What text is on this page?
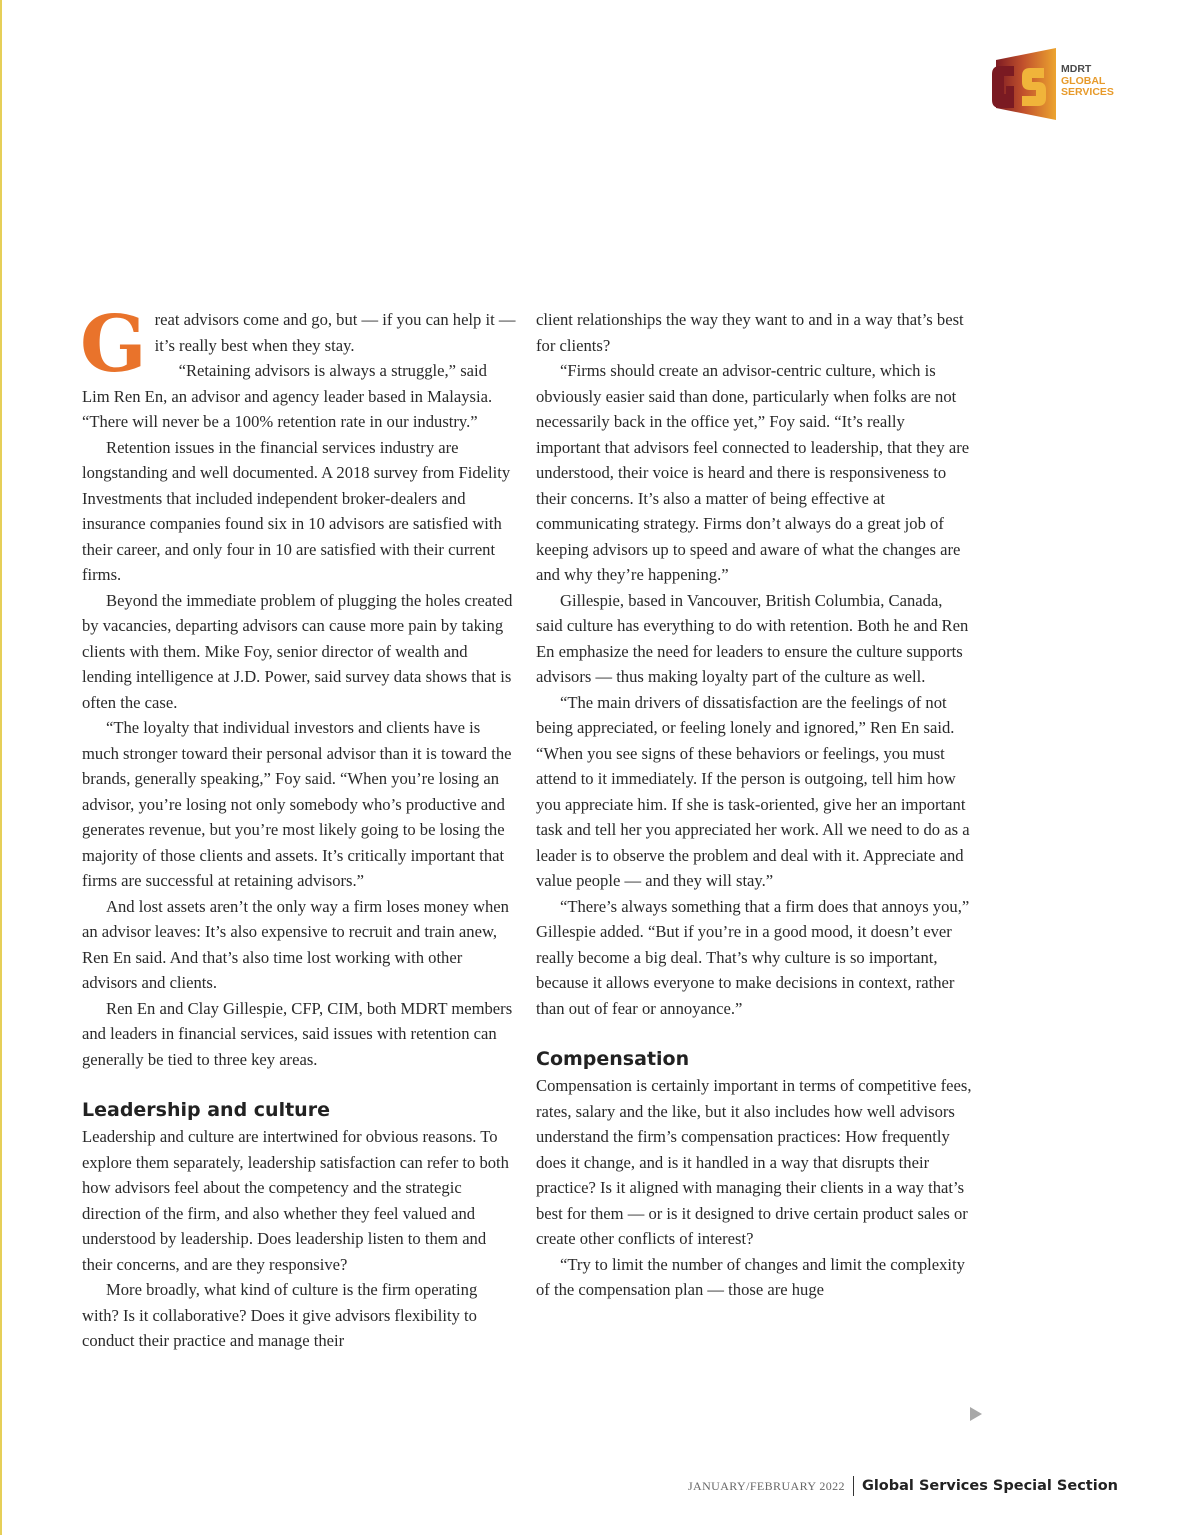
MDRT
GLOBAL
SERVICES

Great advisors come and go, but — if you can help it — it’s really best when they stay.

“Retaining advisors is always a struggle,” said Lim Ren En, an advisor and agency leader based in Malaysia. “There will never be a 100% retention rate in our industry.”

Retention issues in the financial services industry are longstanding and well documented. A 2018 survey from Fidelity Investments that included independent broker-dealers and insurance companies found six in 10 advisors are satisfied with their career, and only four in 10 are satisfied with their current firms.

Beyond the immediate problem of plugging the holes created by vacancies, departing advisors can cause more pain by taking clients with them. Mike Foy, senior director of wealth and lending intelligence at J.D. Power, said survey data shows that is often the case.

“The loyalty that individual investors and clients have is much stronger toward their personal advisor than it is toward the brands, generally speaking,” Foy said. “When you’re losing an advisor, you’re losing not only somebody who’s productive and generates revenue, but you’re most likely going to be losing the majority of those clients and assets. It’s critically important that firms are successful at retaining advisors.”

And lost assets aren’t the only way a firm loses money when an advisor leaves: It’s also expensive to recruit and train anew, Ren En said. And that’s also time lost working with other advisors and clients.

Ren En and Clay Gillespie, CFP, CIM, both MDRT members and leaders in financial services, said issues with retention can generally be tied to three key areas.

Leadership and culture

Leadership and culture are intertwined for obvious reasons. To explore them separately, leadership satisfaction can refer to both how advisors feel about the competency and the strategic direction of the firm, and also whether they feel valued and understood by leadership. Does leadership listen to them and their concerns, and are they responsive?

More broadly, what kind of culture is the firm operating with? Is it collaborative? Does it give advisors flexibility to conduct their practice and manage their

client relationships the way they want to and in a way that’s best for clients?

“Firms should create an advisor-centric culture, which is obviously easier said than done, particularly when folks are not necessarily back in the office yet,” Foy said. “It’s really important that advisors feel connected to leadership, that they are understood, their voice is heard and there is responsiveness to their concerns. It’s also a matter of being effective at communicating strategy. Firms don’t always do a great job of keeping advisors up to speed and aware of what the changes are and why they’re happening.”

Gillespie, based in Vancouver, British Columbia, Canada, said culture has everything to do with retention. Both he and Ren En emphasize the need for leaders to ensure the culture supports advisors — thus making loyalty part of the culture as well.

“The main drivers of dissatisfaction are the feelings of not being appreciated, or feeling lonely and ignored,” Ren En said. “When you see signs of these behaviors or feelings, you must attend to it immediately. If the person is outgoing, tell him how you appreciate him. If she is task-oriented, give her an important task and tell her you appreciated her work. All we need to do as a leader is to observe the problem and deal with it. Appreciate and value people — and they will stay.”

“There’s always something that a firm does that annoys you,” Gillespie added. “But if you’re in a good mood, it doesn’t ever really become a big deal. That’s why culture is so important, because it allows everyone to make decisions in context, rather than out of fear or annoyance.”

Compensation

Compensation is certainly important in terms of competitive fees, rates, salary and the like, but it also includes how well advisors understand the firm’s compensation practices: How frequently does it change, and is it handled in a way that disrupts their practice? Is it aligned with managing their clients in a way that’s best for them — or is it designed to drive certain product sales or create other conflicts of interest?

“Try to limit the number of changes and limit the complexity of the compensation plan — those are huge

JANUARY/FEBRUARY 2022 Global Services Special Section
